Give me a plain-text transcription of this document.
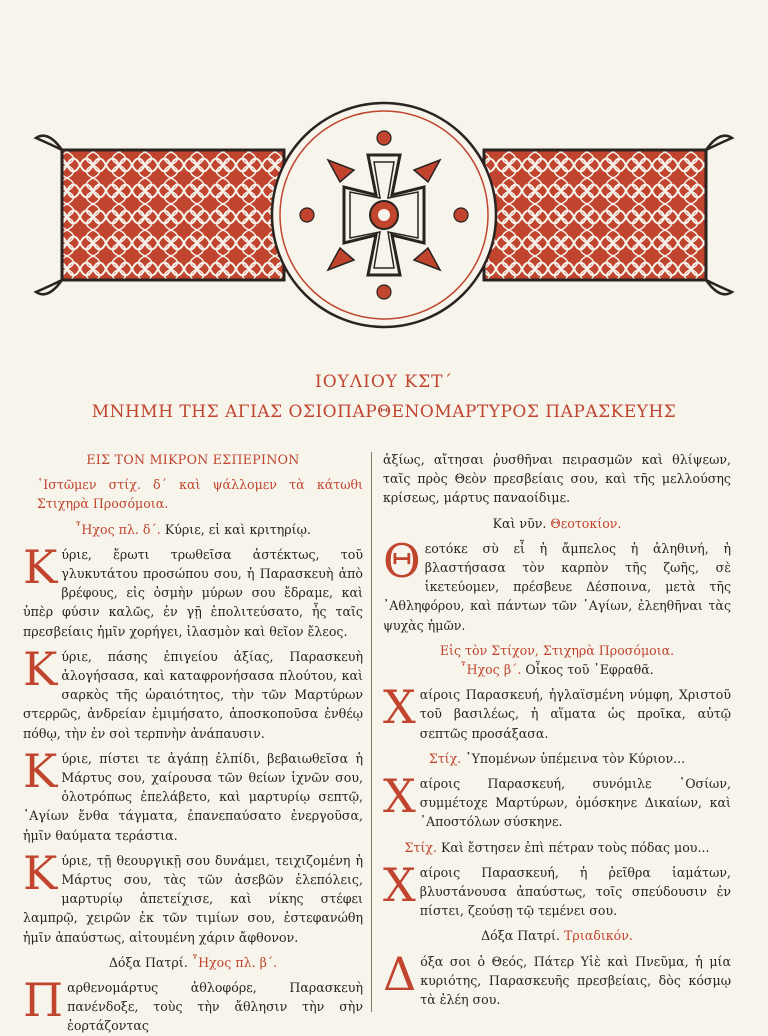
ΙΟΥΛΙΟΥ ΚΣΤ΄
ΜΝΗΜΗ ΤΗΣ ΑΓΙΑΣ ΟΣΙΟΠΑΡΘΕΝΟΜΑΡΤΥΡΟΣ ΠΑΡΑΣΚΕΥΗΣ

ΕΙΣ ΤΟΝ ΜΙΚΡΟΝ ΕΣΠΕΡΙΝΟΝ

῾Ιστῶμεν στίχ. δ΄ καὶ ψάλλομεν τὰ κάτωθι Στιχηρὰ Προσόμοια.

῏Ηχος πλ. δ΄. Κύριε, εἰ καὶ κριτηρίῳ.

Κ ύριε, ἔρωτι τρωθεῖσα ἀστέκτως, τοῦ γλυκυτάτου προσώπου σου, ἡ Παρασκευὴ ἀπὸ βρέφους, εἰς ὀσμὴν μύρων σου ἔδραμε, καὶ ὑπὲρ φύσιν καλῶς, ἐν γῇ ἐπολιτεύσατο, ἧς ταῖς πρεσβείαις ἡμῖν χορήγει, ἱλασμὸν καὶ θεῖον ἔλεος.

Κ ύριε, πάσης ἐπιγείου ἀξίας, Παρασκευὴ ἀλογήσασα, καὶ καταφρονήσασα πλούτου, καὶ σαρκὸς τῆς ὡραιότητος, τὴν τῶν Μαρτύρων στερρῶς, ἀνδρείαν ἐμιμήσατο, ἀποσκοποῦσα ἐνθέῳ πόθῳ, τὴν ἐν σοὶ τερπνὴν ἀνάπαυσιν.

Κ ύριε, πίστει τε ἀγάπῃ ἐλπίδι, βεβαιωθεῖσα ἡ Μάρτυς σου, χαίρουσα τῶν θείων ἰχνῶν σου, ὁλοτρόπως ἐπελάβετο, καὶ μαρτυρίῳ σεπτῷ, ῾Αγίων ἔνθα τάγματα, ἐπανεπαύσατο ἐνεργοῦσα, ἡμῖν θαύματα τεράστια.

Κ ύριε, τῇ θεουργικῇ σου δυνάμει, τειχιζομένη ἡ Μάρτυς σου, τὰς τῶν ἀσεβῶν ἑλεπόλεις, μαρτυρίῳ ἀπετείχισε, καὶ νίκης στέφει λαμπρῷ, χειρῶν ἐκ τῶν τιμίων σου, ἐστεφανώθη ἡμῖν ἀπαύστως, αἰτουμένη χάριν ἄφθονον.

Δόξα Πατρί. ῏Ηχος πλ. β΄.

Π αρθενομάρτυς ἀθλοφόρε, Παρασκευὴ πανένδοξε, τοὺς τὴν ἄθλησιν τὴν σὴν ἑορτάζοντας

ἀξίως, αἴτησαι ῥυσθῆναι πειρασμῶν καὶ θλίψεων, ταῖς πρὸς Θεὸν πρεσβείαις σου, καὶ τῆς μελλούσης κρίσεως, μάρτυς παναοίδιμε.

Καὶ νῦν. Θεοτοκίον.

Θ εοτόκε σὺ εἶ ἡ ἄμπελος ἡ ἀληθινή, ἡ βλαστήσασα τὸν καρπὸν τῆς ζωῆς, σὲ ἱκετεύομεν, πρέσβευε Δέσποινα, μετὰ τῆς ᾿Αθληφόρου, καὶ πάντων τῶν ῾Αγίων, ἐλεηθῆναι τὰς ψυχὰς ἡμῶν.

Εἰς τὸν Στίχον, Στιχηρὰ Προσόμοια.

῏Ηχος β΄. Οἶκος τοῦ ᾿Εφραθᾶ.

Χ αίροις Παρασκευή, ἠγλαϊσμένη νύμφη, Χριστοῦ τοῦ βασιλέως, ἡ αἵματα ὡς προῖκα, αὐτῷ σεπτῶς προσάξασα.

Στίχ. ῾Υπομένων ὑπέμεινα τὸν Κύριον...

Χ αίροις Παρασκευή, συνόμιλε ῾Οσίων, συμμέτοχε Μαρτύρων, ὁμόσκηνε Δικαίων, καὶ ᾿Αποστόλων σύσκηνε.

Στίχ. Καὶ ἔστησεν ἐπὶ πέτραν τοὺς πόδας μου...

Χ αίροις Παρασκευή, ἡ ῥεῖθρα ἰαμάτων, βλυστάνουσα ἀπαύστως, τοῖς σπεύδουσιν ἐν πίστει, ζεούσῃ τῷ τεμένει σου.

Δόξα Πατρί. Τριαδικόν.

Δ όξα σοι ὁ Θεός, Πάτερ Υἱὲ καὶ Πνεῦμα, ἡ μία κυριότης, Παρασκευῆς πρεσβείαις, δὸς κόσμῳ τὰ ἐλέη σου.
